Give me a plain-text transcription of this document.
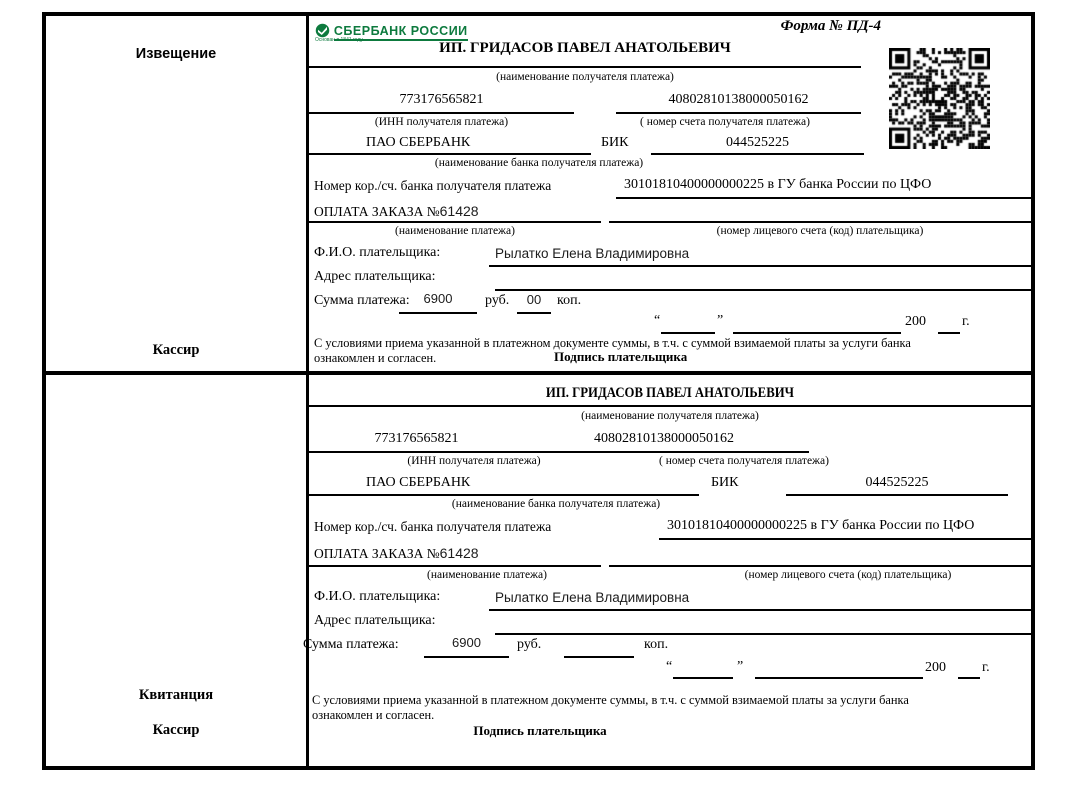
Извещение
Кассир
СБЕРБАНК РОССИИ
Основан в 1841 году
Форма № ПД-4
ИП. ГРИДАСОВ ПАВЕЛ АНАТОЛЬЕВИЧ
(наименование получателя платежа)
773176565821	40802810138000050162
(ИНН получателя платежа)	( номер счета получателя платежа)
ПАО СБЕРБАНК	БИК	044525225
(наименование банка получателя платежа)
Номер кор./сч. банка получателя платежа	30101810400000000225 в ГУ банка России по ЦФО
ОПЛАТА ЗАКАЗА №61428
(наименование платежа)	(номер лицевого счета (код) плательщика)
Ф.И.О. плательщика:	Рылатко Елена Владимировна
Адрес плательщика:
Сумма платежа:	6900	руб.	00	коп.
“	”	200	г.
С условиями приема указанной в платежном документе суммы, в т.ч. с суммой взимаемой платы за услуги банка
ознакомлен и согласен.	Подпись плательщика
Квитанция
Кассир
ИП. ГРИДАСОВ ПАВЕЛ АНАТОЛЬЕВИЧ
(наименование получателя платежа)
773176565821	40802810138000050162
(ИНН получателя платежа)	( номер счета получателя платежа)
ПАО СБЕРБАНК	БИК	044525225
(наименование банка получателя платежа)
Номер кор./сч. банка получателя платежа	30101810400000000225 в ГУ банка России по ЦФО
ОПЛАТА ЗАКАЗА №61428
(наименование платежа)	(номер лицевого счета (код) плательщика)
Ф.И.О. плательщика:	Рылатко Елена Владимировна
Адрес плательщика:
Сумма платежа:	6900	руб.	коп.
“	”	200	г.
С условиями приема указанной в платежном документе суммы, в т.ч. с суммой взимаемой платы за услуги банка
ознакомлен и согласен.
Подпись плательщика
